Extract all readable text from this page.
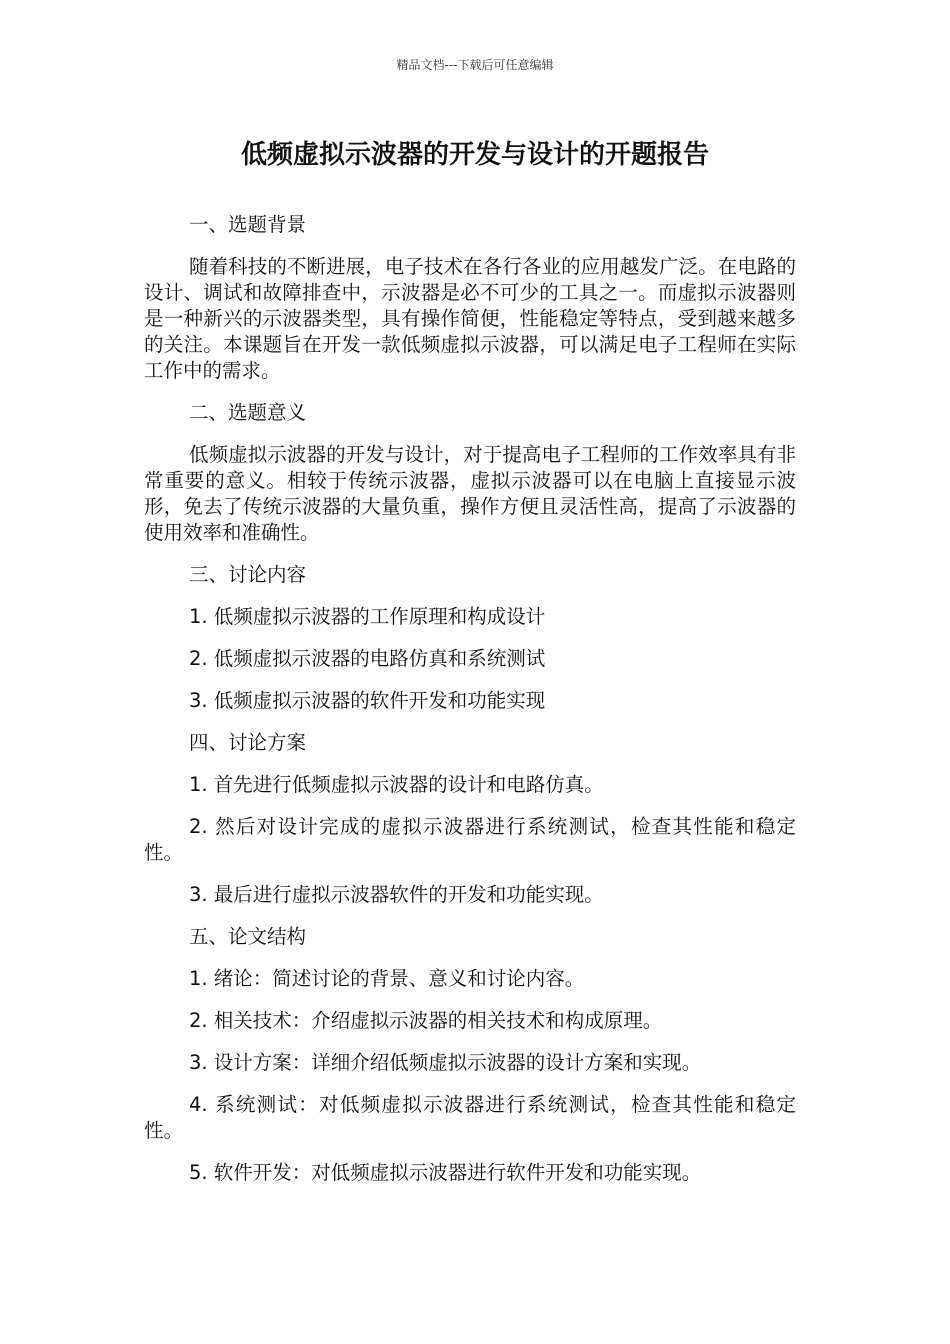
精品文档---下载后可任意编辑
低频虚拟示波器的开发与设计的开题报告

一、选题背景

随着科技的不断进展，电子技术在各行各业的应用越发广泛。在电路的设计、调试和故障排查中，示波器是必不可少的工具之一。而虚拟示波器则是一种新兴的示波器类型，具有操作简便，性能稳定等特点，受到越来越多的关注。本课题旨在开发一款低频虚拟示波器，可以满足电子工程师在实际工作中的需求。

二、选题意义

低频虚拟示波器的开发与设计，对于提高电子工程师的工作效率具有非常重要的意义。相较于传统示波器，虚拟示波器可以在电脑上直接显示波形，免去了传统示波器的大量负重，操作方便且灵活性高，提高了示波器的使用效率和准确性。

三、讨论内容

1. 低频虚拟示波器的工作原理和构成设计

2. 低频虚拟示波器的电路仿真和系统测试

3. 低频虚拟示波器的软件开发和功能实现

四、讨论方案

1. 首先进行低频虚拟示波器的设计和电路仿真。

2. 然后对设计完成的虚拟示波器进行系统测试，检查其性能和稳定性。

3. 最后进行虚拟示波器软件的开发和功能实现。

五、论文结构

1. 绪论：简述讨论的背景、意义和讨论内容。

2. 相关技术：介绍虚拟示波器的相关技术和构成原理。

3. 设计方案：详细介绍低频虚拟示波器的设计方案和实现。

4. 系统测试：对低频虚拟示波器进行系统测试，检查其性能和稳定性。

5. 软件开发：对低频虚拟示波器进行软件开发和功能实现。
